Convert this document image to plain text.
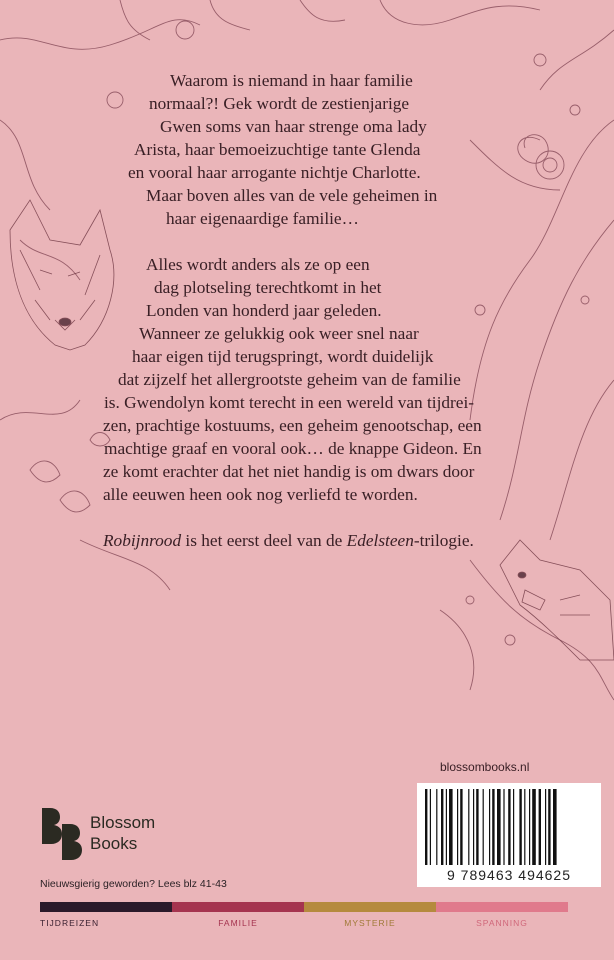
Waarom is niemand in haar familie
normaal?! Gek wordt de zestienjarige
Gwen soms van haar strenge oma lady
Arista, haar bemoeizuchtige tante Glenda
en vooral haar arrogante nichtje Charlotte.
Maar boven alles van de vele geheimen in
haar eigenaardige familie…
Alles wordt anders als ze op een
dag plotseling terechtkomt in het
Londen van honderd jaar geleden.
Wanneer ze gelukkig ook weer snel naar
haar eigen tijd terugspringt, wordt duidelijk
dat zijzelf het allergrootste geheim van de familie
is. Gwendolyn komt terecht in een wereld van tijdrei-
zen, prachtige kostuums, een geheim genootschap, een
machtige graaf en vooral ook… de knappe Gideon. En
ze komt erachter dat het niet handig is om dwars door
alle eeuwen heen ook nog verliefd te worden.
Robijnrood is het eerst deel van de Edelsteen-trilogie.
blossombooks.nl
9 789463 494625
Blossom
Books
Nieuwsgierig geworden? Lees blz 41-43
TIJDREIZEN	FAMILIE	MYSTERIE	SPANNING
